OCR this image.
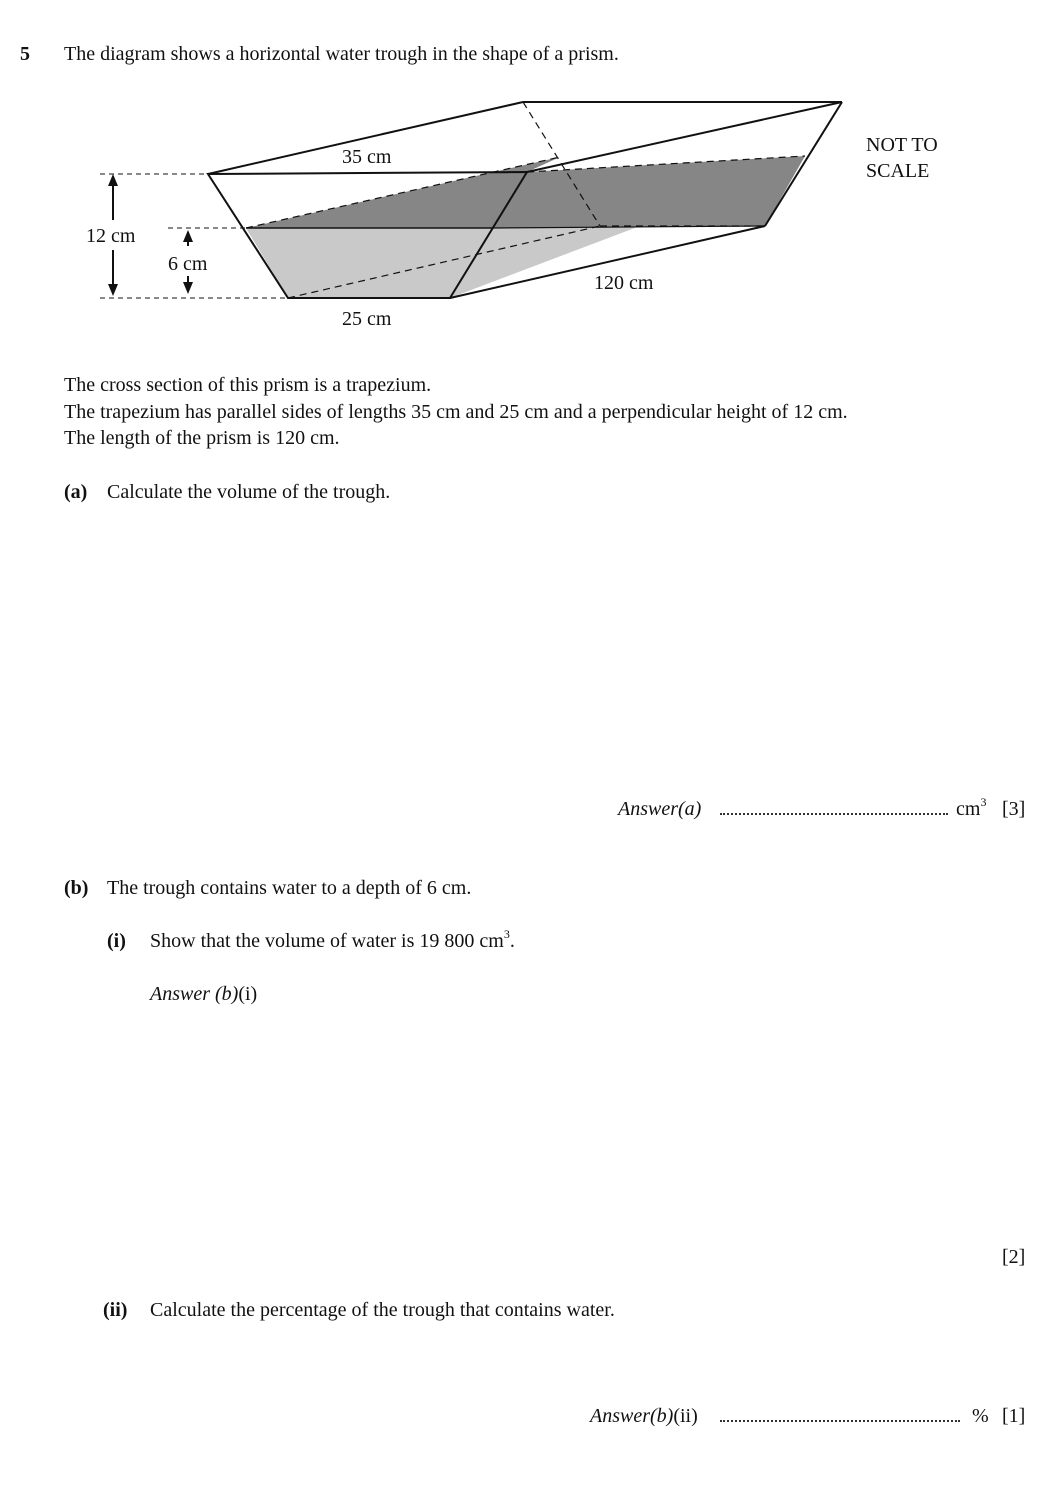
5 The diagram shows a horizontal water trough in the shape of a prism.
35 cm
25 cm
12 cm
6 cm
120 cm
NOT TO
SCALE
The cross section of this prism is a trapezium.
The trapezium has parallel sides of lengths 35 cm and 25 cm and a perpendicular height of 12 cm.
The length of the prism is 120 cm.
(a) Calculate the volume of the trough.
Answer(a)	$cm^3$ [3]
(b) The trough contains water to a depth of 6 cm.
(i) Show that the volume of water is 19 800 $cm^3$.
Answer (b)(i)
[2]
(ii) Calculate the percentage of the trough that contains water.
Answer(b)(ii)	% [1]
